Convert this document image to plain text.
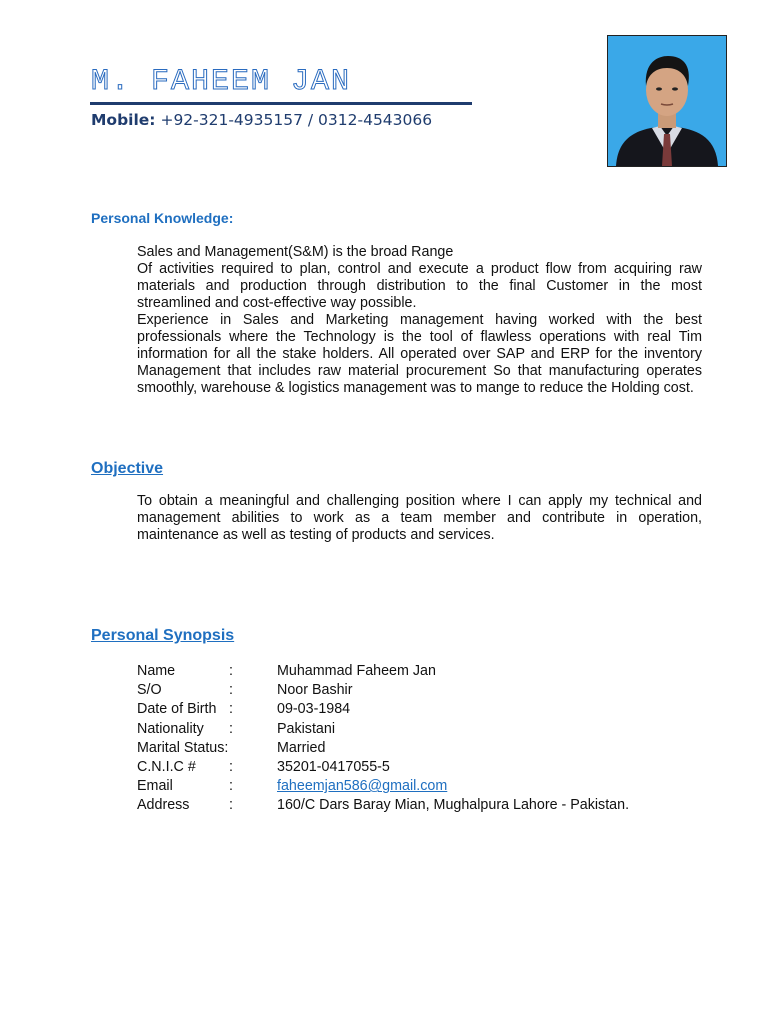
M. FAHEEM JAN
Mobile: +92-321-4935157 / 0312-4543066
Personal Knowledge:

Sales and Management(S&M) is the broad Range

Of activities required to plan, control and execute a product flow from acquiring raw materials and production through distribution to the final Customer in the most streamlined and cost-effective way possible.

Experience in Sales and Marketing management having worked with the best professionals where the Technology is the tool of flawless operations with real Tim information for all the stake holders. All operated over SAP and ERP for the inventory Management that includes raw material procurement So that manufacturing operates smoothly, warehouse & logistics management was to mange to reduce the Holding cost.

Objective

To obtain a meaningful and challenging position where I can apply my technical and management abilities to work as a team member and contribute in operation, maintenance as well as testing of products and services.

Personal Synopsis
Name	:	Muhammad Faheem Jan
S/O	:	Noor Bashir
Date of Birth :	09-03-1984
Nationality :	Pakistani
Marital Status:	Married
C.N.I.C # :	35201-0417055-5
Email	:	faheemjan586@gmail.com
Address	:	160/C Dars Baray Mian, Mughalpura Lahore - Pakistan.
